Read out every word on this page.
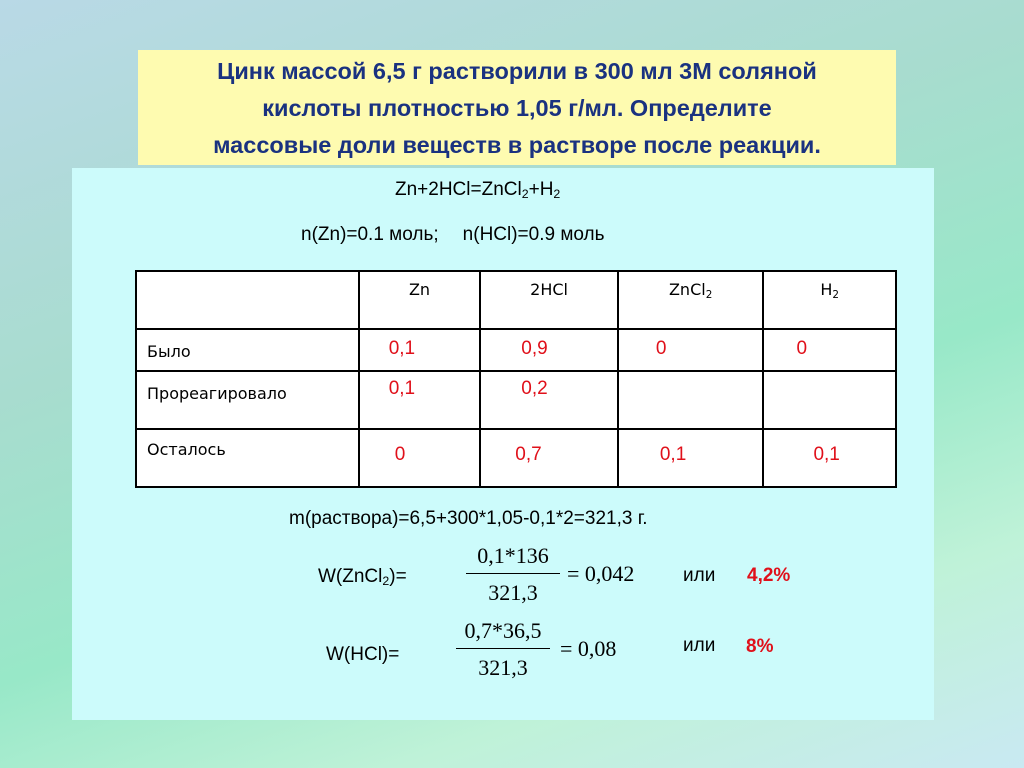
Цинк массой 6,5 г растворили в 300 мл 3М соляной
кислоты плотностью 1,05 г/мл. Определите
массовые доли веществ в растворе после реакции.
$Zn+2HCl=ZnCl_2+H_2$
n(Zn)=0.1 моль; n(HCl)=0.9 моль
	Zn	2HCl	ZnCl$_2$	$H_2$
Было	0,1	0,9	0	0

Прореагировало	0,1	0,2		

Осталось	0	0,7	0,1	0,1
m(раствора)=6,5+300*1,05-0,1*2=321,3 г.
W(ZnCl$_2$)=
0,1*136
321,3
= 0,042	или 4,2%
W(HCl)=
0,7*36,5
321,3
= 0,08	или 8%
